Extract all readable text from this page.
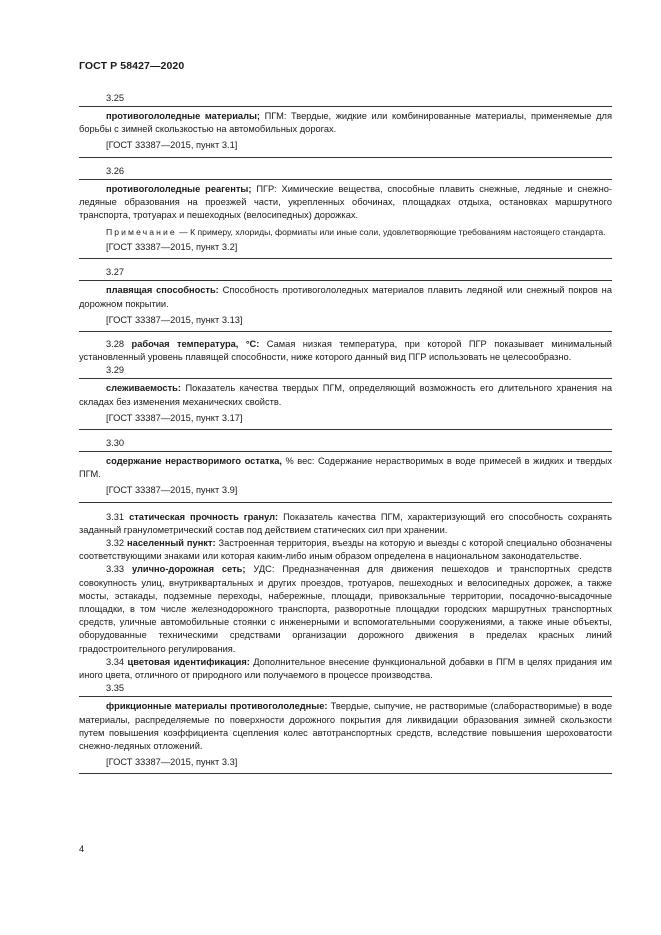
ГОСТ Р 58427—2020
3.25

противогололедные материалы; ПГМ: Твердые, жидкие или комбинированные материалы, применяемые для борьбы с зимней скользкостью на автомобильных дорогах.

[ГОСТ 33387—2015, пункт 3.1]
3.26

противогололедные реагенты; ПГР: Химические вещества, способные плавить снежные, ледяные и снежно-ледяные образования на проезжей части, укрепленных обочинах, площадках отдыха, остановках маршрутного транспорта, тротуарах и пешеходных (велосипедных) дорожках.

Примечание — К примеру, хлориды, формиаты или иные соли, удовлетворяющие требованиям настоящего стандарта.

[ГОСТ 33387—2015, пункт 3.2]
3.27

плавящая способность: Способность противогололедных материалов плавить ледяной или снежный покров на дорожном покрытии.

[ГОСТ 33387—2015, пункт 3.13]

3.28 рабочая температура, °С: Самая низкая температура, при которой ПГР показывает минимальный установленный уровень плавящей способности, ниже которого данный вид ПГР использовать не целесообразно.

3.29

слеживаемость: Показатель качества твердых ПГМ, определяющий возможность его длительного хранения на складах без изменения механических свойств.

[ГОСТ 33387—2015, пункт 3.17]
3.30

содержание нерастворимого остатка, % вес: Содержание нерастворимых в воде примесей в жидких и твердых ПГМ.

[ГОСТ 33387—2015, пункт 3.9]

3.31 статическая прочность гранул: Показатель качества ПГМ, характеризующий его способность сохранять заданный гранулометрический состав под действием статических сил при хранении.

3.32 населенный пункт: Застроенная территория, въезды на которую и выезды с которой специально обозначены соответствующими знаками или которая каким-либо иным образом определена в национальном законодательстве.

3.33 улично-дорожная сеть; УДС: Предназначенная для движения пешеходов и транспортных средств совокупность улиц, внутриквартальных и других проездов, тротуаров, пешеходных и велосипедных дорожек, а также мосты, эстакады, подземные переходы, набережные, площади, привокзальные территории, посадочно-высадочные площадки, в том числе железнодорожного транспорта, разворотные площадки городских маршрутных транспортных средств, уличные автомобильные стоянки с инженерными и вспомогательными сооружениями, а также иные объекты, оборудованные техническими средствами организации дорожного движения в пределах красных линий градостроительного регулирования.

3.34 цветовая идентификация: Дополнительное внесение функциональной добавки в ПГМ в целях придания им иного цвета, отличного от природного или получаемого в процессе производства.

3.35

фрикционные материалы противогололедные: Твердые, сыпучие, не растворимые (слаборастворимые) в воде материалы, распределяемые по поверхности дорожного покрытия для ликвидации образования зимней скользкости путем повышения коэффициента сцепления колес автотранспортных средств, вследствие повышения шероховатости снежно-ледяных отложений.

[ГОСТ 33387—2015, пункт 3.3]
4
